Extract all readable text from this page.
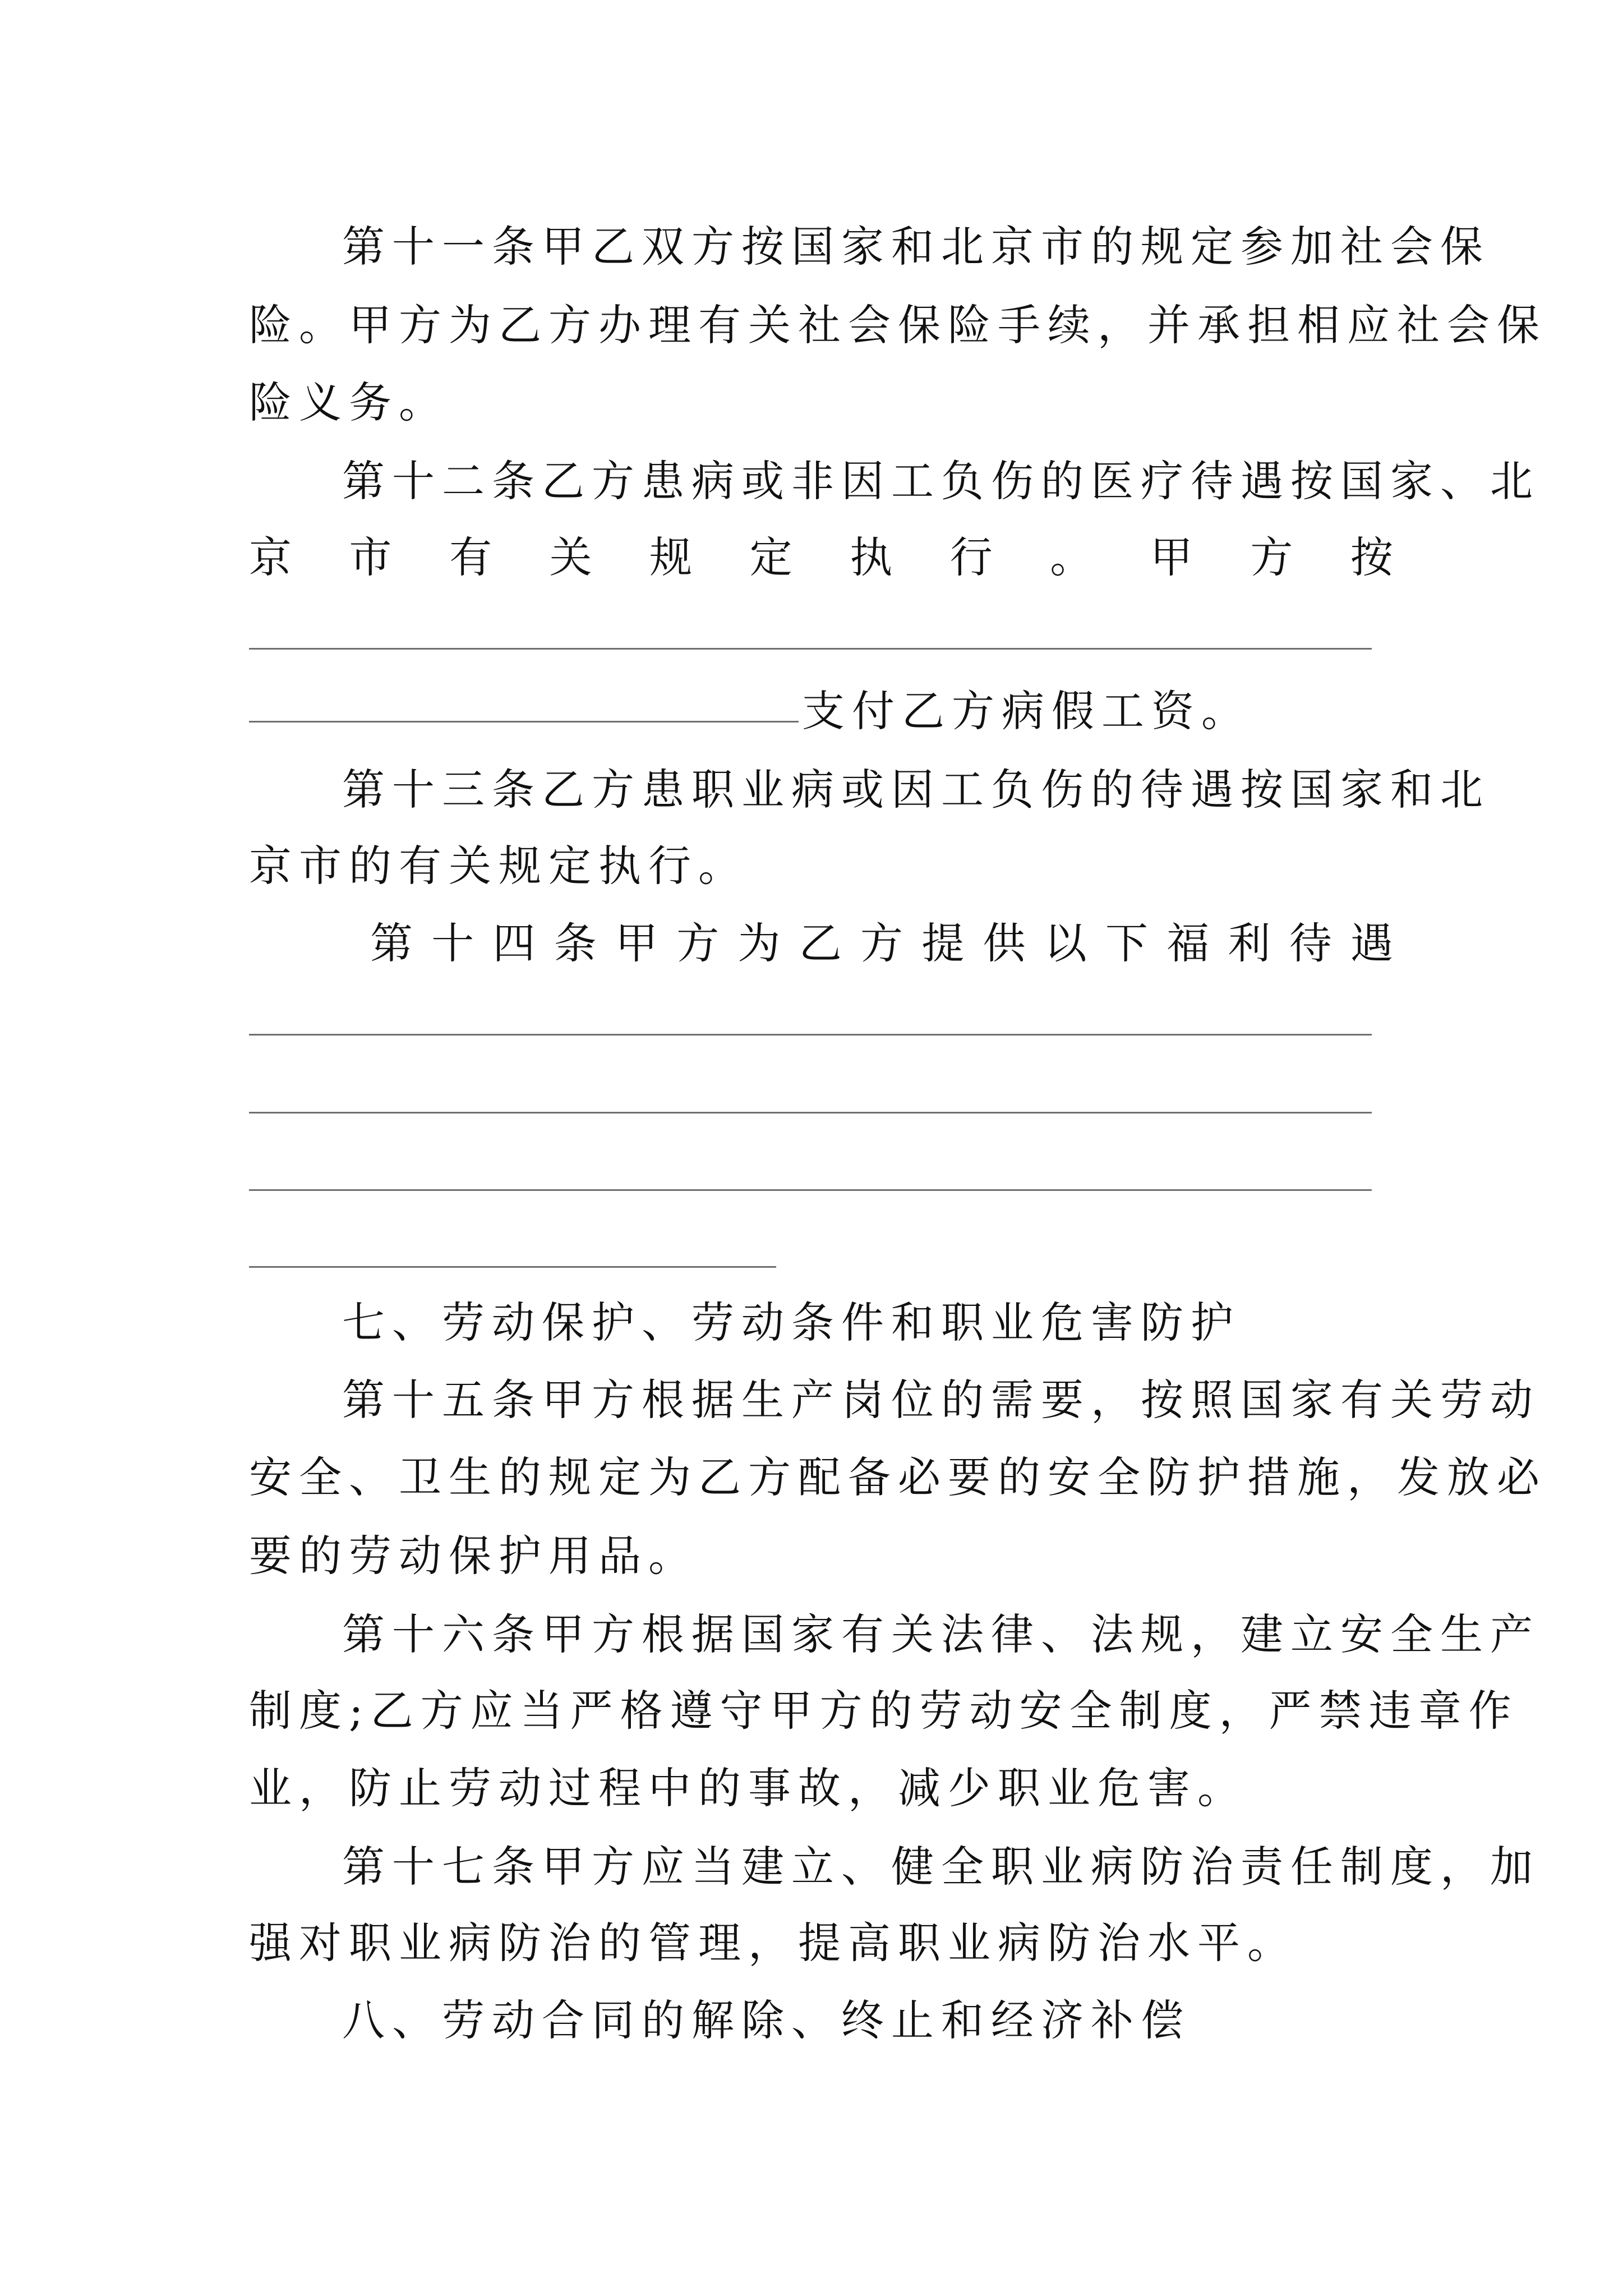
第十一条甲乙双方按国家和北京市的规定参加社会保
险。甲方为乙方办理有关社会保险手续，并承担相应社会保
险义务。
第十二条乙方患病或非因工负伤的医疗待遇按国家、北
京 市 有 关 规 定 执 行 。 甲 方 按
支付乙方病假工资。
第十三条乙方患职业病或因工负伤的待遇按国家和北
京市的有关规定执行。
第 十 四 条 甲 方 为 乙 方 提 供 以 下 福 利 待 遇
七、劳动保护、劳动条件和职业危害防护
第十五条甲方根据生产岗位的需要，按照国家有关劳动
安全、卫生的规定为乙方配备必要的安全防护措施，发放必
要的劳动保护用品。
第十六条甲方根据国家有关法律、法规，建立安全生产
制度;乙方应当严格遵守甲方的劳动安全制度，严禁违章作
业，防止劳动过程中的事故，减少职业危害。
第十七条甲方应当建立、健全职业病防治责任制度，加
强对职业病防治的管理，提高职业病防治水平。
八、劳动合同的解除、终止和经济补偿
